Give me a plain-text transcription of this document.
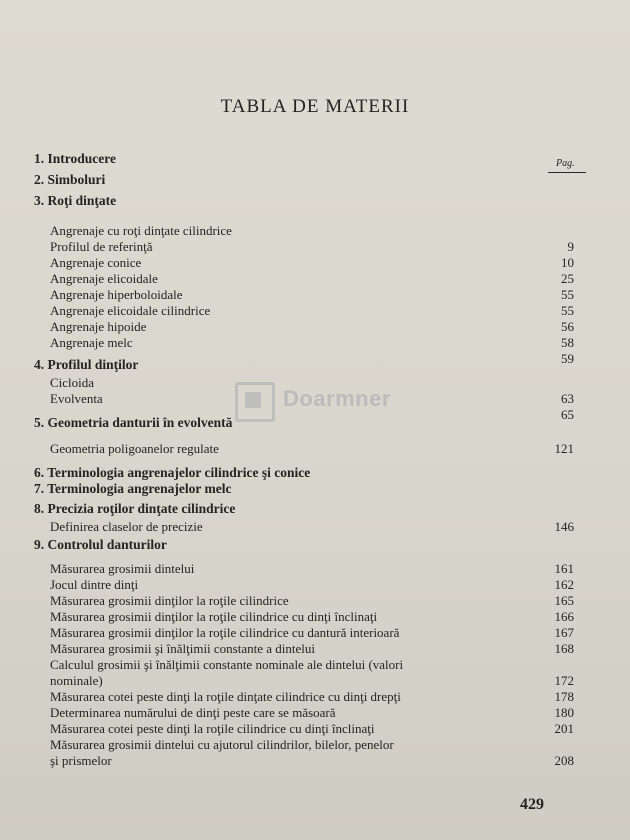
TABLA DE MATERII
Pag.
1. Introducere
2. Simboluri
3. Roţi dinţate
Angrenaje cu roţi dinţate cilindrice
Profilul de referinţă	9
Angrenaje conice	10
Angrenaje elicoidale	25
Angrenaje hiperboloidale	55
Angrenaje elicoidale cilindrice	55
Angrenaje hipoide	56
Angrenaje melc	58
59
4. Profilul dinţilor
Cicloida
Evolventa	63
65
5. Geometria danturii în evolventă
Geometria poligoanelor regulate	121
6. Terminologia angrenajelor cilindrice şi conice
7. Terminologia angrenajelor melc
8. Precizia roţilor dinţate cilindrice
Definirea claselor de precizie	146
9. Controlul danturilor
Măsurarea grosimii dintelui	161
Jocul dintre dinţi	162
Măsurarea grosimii dinţilor la roţile cilindrice	165
Măsurarea grosimii dinţilor la roţile cilindrice cu dinţi înclinaţi	166
Măsurarea grosimii dinţilor la roţile cilindrice cu dantură interioară	167
Măsurarea grosimii şi înălţimii constante a dintelui	168
Calculul grosimii şi înălţimii constante nominale ale dintelui (valori
nominale)	172
Măsurarea cotei peste dinţi la roţile dinţate cilindrice cu dinţi drepţi	178
Determinarea numărului de dinţi peste care se măsoară	180
Măsurarea cotei peste dinţi la roţile cilindrice cu dinţi înclinaţi	201
Măsurarea grosimii dintelui cu ajutorul cilindrilor, bilelor, penelor
şi prismelor	208
Doarmner
429
